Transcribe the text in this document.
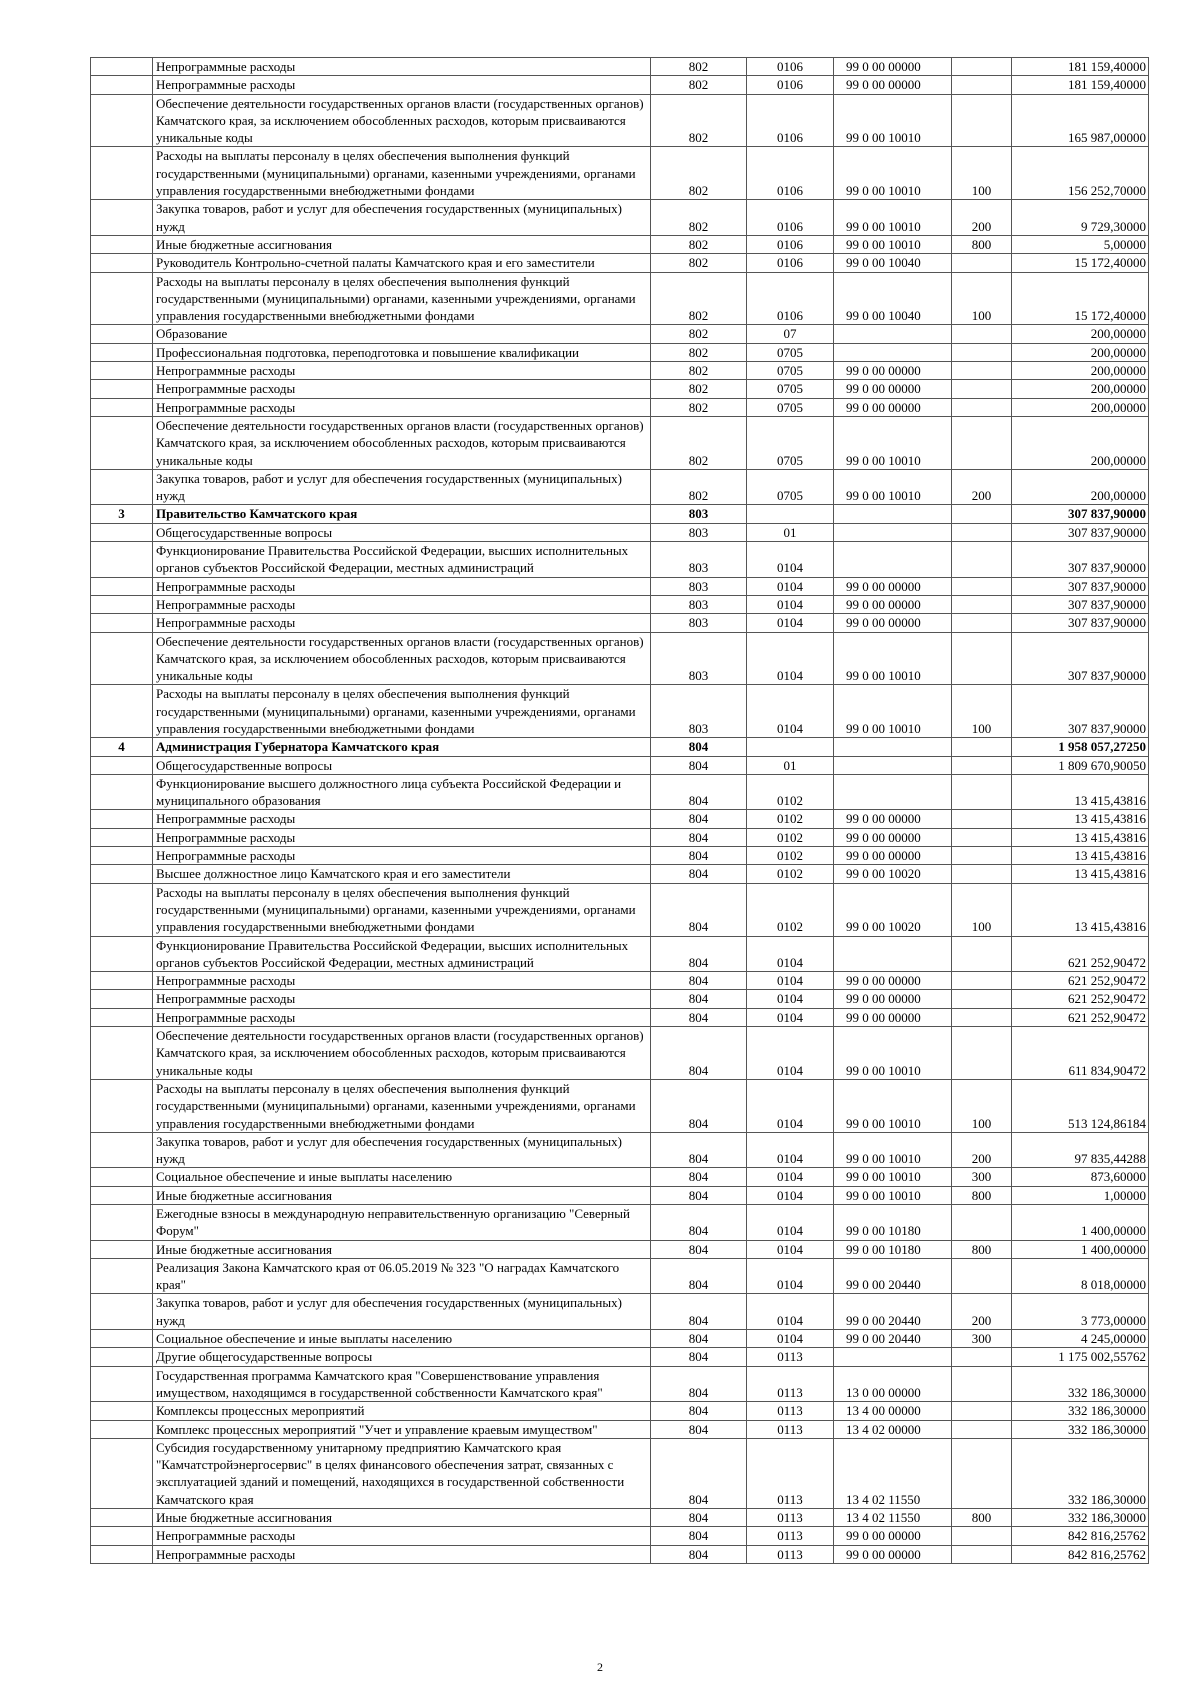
	Непрограммные расходы	802	0106	99 0 00 00000		181 159,40000
	Непрограммные расходы	802	0106	99 0 00 00000		181 159,40000
	Обеспечение деятельности государственных органов власти (государственных органов) Камчатского края, за исключением обособленных расходов, которым присваиваются уникальные коды	802	0106	99 0 00 10010		165 987,00000
	Расходы на выплаты персоналу в целях обеспечения выполнения функций государственными (муниципальными) органами, казенными учреждениями, органами управления государственными внебюджетными фондами	802	0106	99 0 00 10010	100	156 252,70000
	Закупка товаров, работ и услуг для обеспечения государственных (муниципальных) нужд	802	0106	99 0 00 10010	200	9 729,30000
	Иные бюджетные ассигнования	802	0106	99 0 00 10010	800	5,00000
	Руководитель Контрольно-счетной палаты Камчатского края и его заместители	802	0106	99 0 00 10040		15 172,40000
	Расходы на выплаты персоналу в целях обеспечения выполнения функций государственными (муниципальными) органами, казенными учреждениями, органами управления государственными внебюджетными фондами	802	0106	99 0 00 10040	100	15 172,40000
	Образование	802	07			200,00000
	Профессиональная подготовка, переподготовка и повышение квалификации	802	0705			200,00000
	Непрограммные расходы	802	0705	99 0 00 00000		200,00000
	Непрограммные расходы	802	0705	99 0 00 00000		200,00000
	Непрограммные расходы	802	0705	99 0 00 00000		200,00000
	Обеспечение деятельности государственных органов власти (государственных органов) Камчатского края, за исключением обособленных расходов, которым присваиваются уникальные коды	802	0705	99 0 00 10010		200,00000
	Закупка товаров, работ и услуг для обеспечения государственных (муниципальных) нужд	802	0705	99 0 00 10010	200	200,00000
3	Правительство Камчатского края	803				307 837,90000
	Общегосударственные вопросы	803	01			307 837,90000
	Функционирование Правительства Российской Федерации, высших исполнительных органов субъектов Российской Федерации, местных администраций	803	0104			307 837,90000
	Непрограммные расходы	803	0104	99 0 00 00000		307 837,90000
	Непрограммные расходы	803	0104	99 0 00 00000		307 837,90000
	Непрограммные расходы	803	0104	99 0 00 00000		307 837,90000
	Обеспечение деятельности государственных органов власти (государственных органов) Камчатского края, за исключением обособленных расходов, которым присваиваются уникальные коды	803	0104	99 0 00 10010		307 837,90000
	Расходы на выплаты персоналу в целях обеспечения выполнения функций государственными (муниципальными) органами, казенными учреждениями, органами управления государственными внебюджетными фондами	803	0104	99 0 00 10010	100	307 837,90000
4	Администрация Губернатора Камчатского края	804				1 958 057,27250
	Общегосударственные вопросы	804	01			1 809 670,90050
	Функционирование высшего должностного лица субъекта Российской Федерации и муниципального образования	804	0102			13 415,43816
	Непрограммные расходы	804	0102	99 0 00 00000		13 415,43816
	Непрограммные расходы	804	0102	99 0 00 00000		13 415,43816
	Непрограммные расходы	804	0102	99 0 00 00000		13 415,43816
	Высшее должностное лицо Камчатского края и его заместители	804	0102	99 0 00 10020		13 415,43816
	Расходы на выплаты персоналу в целях обеспечения выполнения функций государственными (муниципальными) органами, казенными учреждениями, органами управления государственными внебюджетными фондами	804	0102	99 0 00 10020	100	13 415,43816
	Функционирование Правительства Российской Федерации, высших исполнительных органов субъектов Российской Федерации, местных администраций	804	0104			621 252,90472
	Непрограммные расходы	804	0104	99 0 00 00000		621 252,90472
	Непрограммные расходы	804	0104	99 0 00 00000		621 252,90472
	Непрограммные расходы	804	0104	99 0 00 00000		621 252,90472
	Обеспечение деятельности государственных органов власти (государственных органов) Камчатского края, за исключением обособленных расходов, которым присваиваются уникальные коды	804	0104	99 0 00 10010		611 834,90472
	Расходы на выплаты персоналу в целях обеспечения выполнения функций государственными (муниципальными) органами, казенными учреждениями, органами управления государственными внебюджетными фондами	804	0104	99 0 00 10010	100	513 124,86184
	Закупка товаров, работ и услуг для обеспечения государственных (муниципальных) нужд	804	0104	99 0 00 10010	200	97 835,44288
	Социальное обеспечение и иные выплаты населению	804	0104	99 0 00 10010	300	873,60000
	Иные бюджетные ассигнования	804	0104	99 0 00 10010	800	1,00000
	Ежегодные взносы в международную неправительственную организацию "Северный Форум"	804	0104	99 0 00 10180		1 400,00000
	Иные бюджетные ассигнования	804	0104	99 0 00 10180	800	1 400,00000
	Реализация Закона Камчатского края от 06.05.2019 № 323 "О наградах Камчатского края"	804	0104	99 0 00 20440		8 018,00000
	Закупка товаров, работ и услуг для обеспечения государственных (муниципальных) нужд	804	0104	99 0 00 20440	200	3 773,00000
	Социальное обеспечение и иные выплаты населению	804	0104	99 0 00 20440	300	4 245,00000
	Другие общегосударственные вопросы	804	0113			1 175 002,55762
	Государственная программа Камчатского края "Совершенствование управления имуществом, находящимся в государственной собственности Камчатского края"	804	0113	13 0 00 00000		332 186,30000
	Комплексы процессных мероприятий	804	0113	13 4 00 00000		332 186,30000
	Комплекс процессных мероприятий "Учет и управление краевым имуществом"	804	0113	13 4 02 00000		332 186,30000
	Субсидия государственному унитарному предприятию Камчатского края "Камчатстройэнергосервис" в целях финансового обеспечения затрат, связанных с эксплуатацией зданий и помещений, находящихся в государственной собственности Камчатского края	804	0113	13 4 02 11550		332 186,30000
	Иные бюджетные ассигнования	804	0113	13 4 02 11550	800	332 186,30000
	Непрограммные расходы	804	0113	99 0 00 00000		842 816,25762
	Непрограммные расходы	804	0113	99 0 00 00000		842 816,25762
2
